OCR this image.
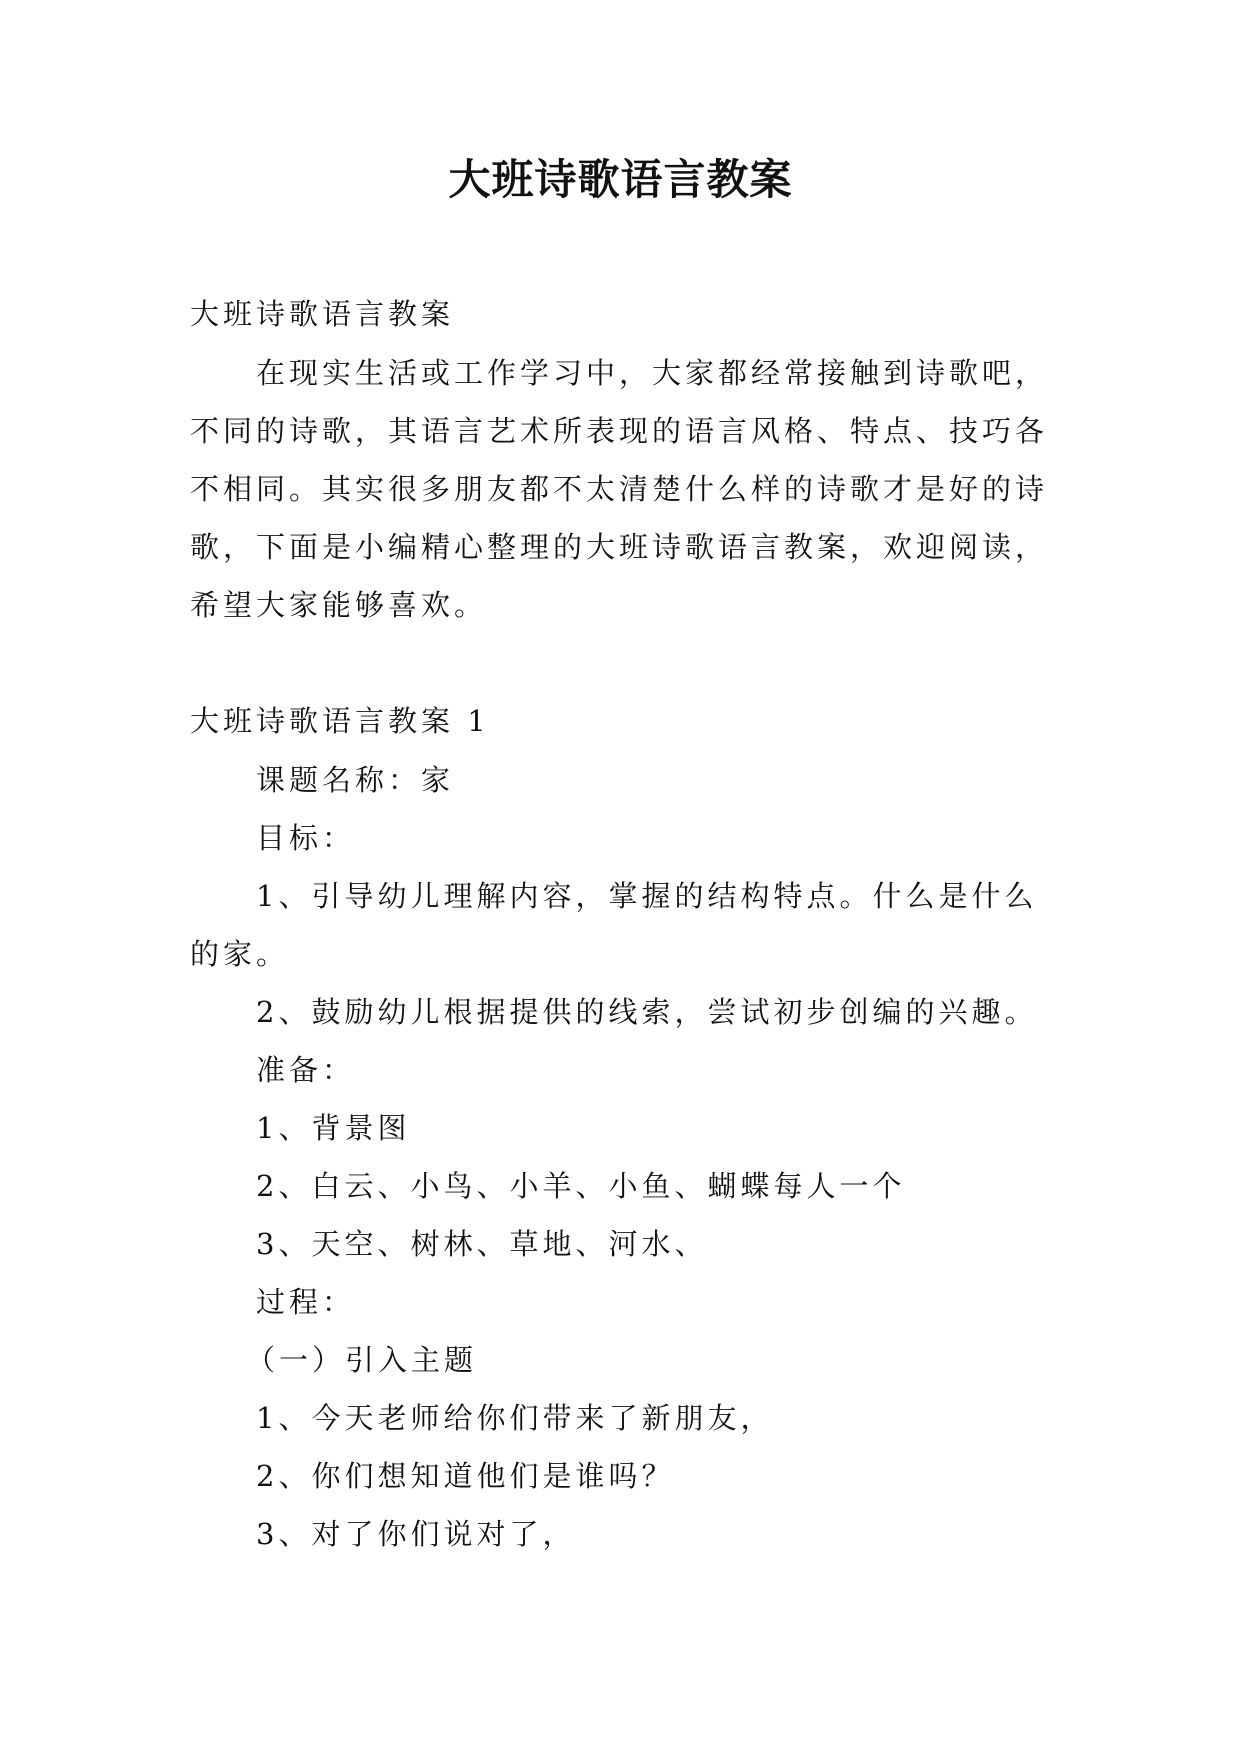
大班诗歌语言教案
大班诗歌语言教案
在现实生活或工作学习中，大家都经常接触到诗歌吧，
不同的诗歌，其语言艺术所表现的语言风格、特点、技巧各
不相同。其实很多朋友都不太清楚什么样的诗歌才是好的诗
歌，下面是小编精心整理的大班诗歌语言教案，欢迎阅读，
希望大家能够喜欢。
大班诗歌语言教案 1
课题名称：家
目标：
1、引导幼儿理解内容，掌握的结构特点。什么是什么
的家。
2、鼓励幼儿根据提供的线索，尝试初步创编的兴趣。
准备：
1、背景图
2、白云、小鸟、小羊、小鱼、蝴蝶每人一个
3、天空、树林、草地、河水、
过程：
（一）引入主题
1、今天老师给你们带来了新朋友，
2、你们想知道他们是谁吗？
3、对了你们说对了，
